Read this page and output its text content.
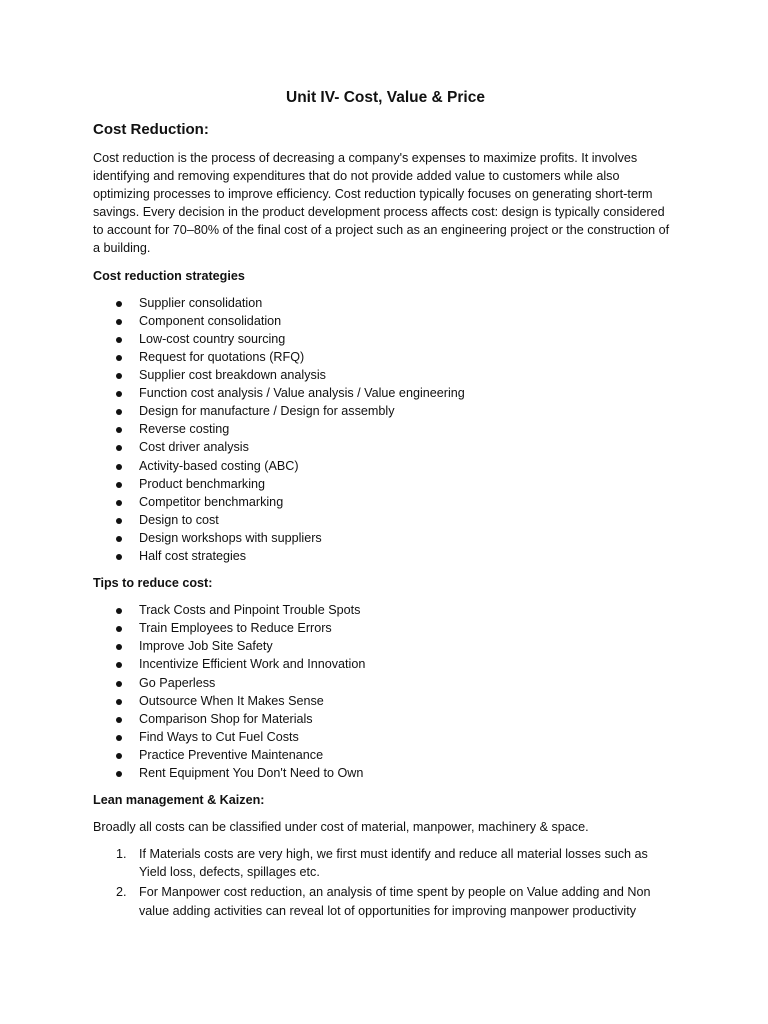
Unit IV- Cost, Value & Price
Cost Reduction:

Cost reduction is the process of decreasing a company's expenses to maximize profits. It involves identifying and removing expenditures that do not provide added value to customers while also optimizing processes to improve efficiency. Cost reduction typically focuses on generating short-term savings. Every decision in the product development process affects cost: design is typically considered to account for 70–80% of the final cost of a project such as an engineering project or the construction of a building.

Cost reduction strategies
Supplier consolidation
Component consolidation
Low-cost country sourcing
Request for quotations (RFQ)
Supplier cost breakdown analysis
Function cost analysis / Value analysis / Value engineering
Design for manufacture / Design for assembly
Reverse costing
Cost driver analysis
Activity-based costing (ABC)
Product benchmarking
Competitor benchmarking
Design to cost
Design workshops with suppliers
Half cost strategies
Tips to reduce cost:
Track Costs and Pinpoint Trouble Spots
Train Employees to Reduce Errors
Improve Job Site Safety
Incentivize Efficient Work and Innovation
Go Paperless
Outsource When It Makes Sense
Comparison Shop for Materials
Find Ways to Cut Fuel Costs
Practice Preventive Maintenance
Rent Equipment You Don't Need to Own
Lean management & Kaizen:

Broadly all costs can be classified under cost of material, manpower, machinery & space.

1. If Materials costs are very high, we first must identify and reduce all material losses such as Yield loss, defects, spillages etc.
2. For Manpower cost reduction, an analysis of time spent by people on Value adding and Non value adding activities can reveal lot of opportunities for improving manpower productivity
